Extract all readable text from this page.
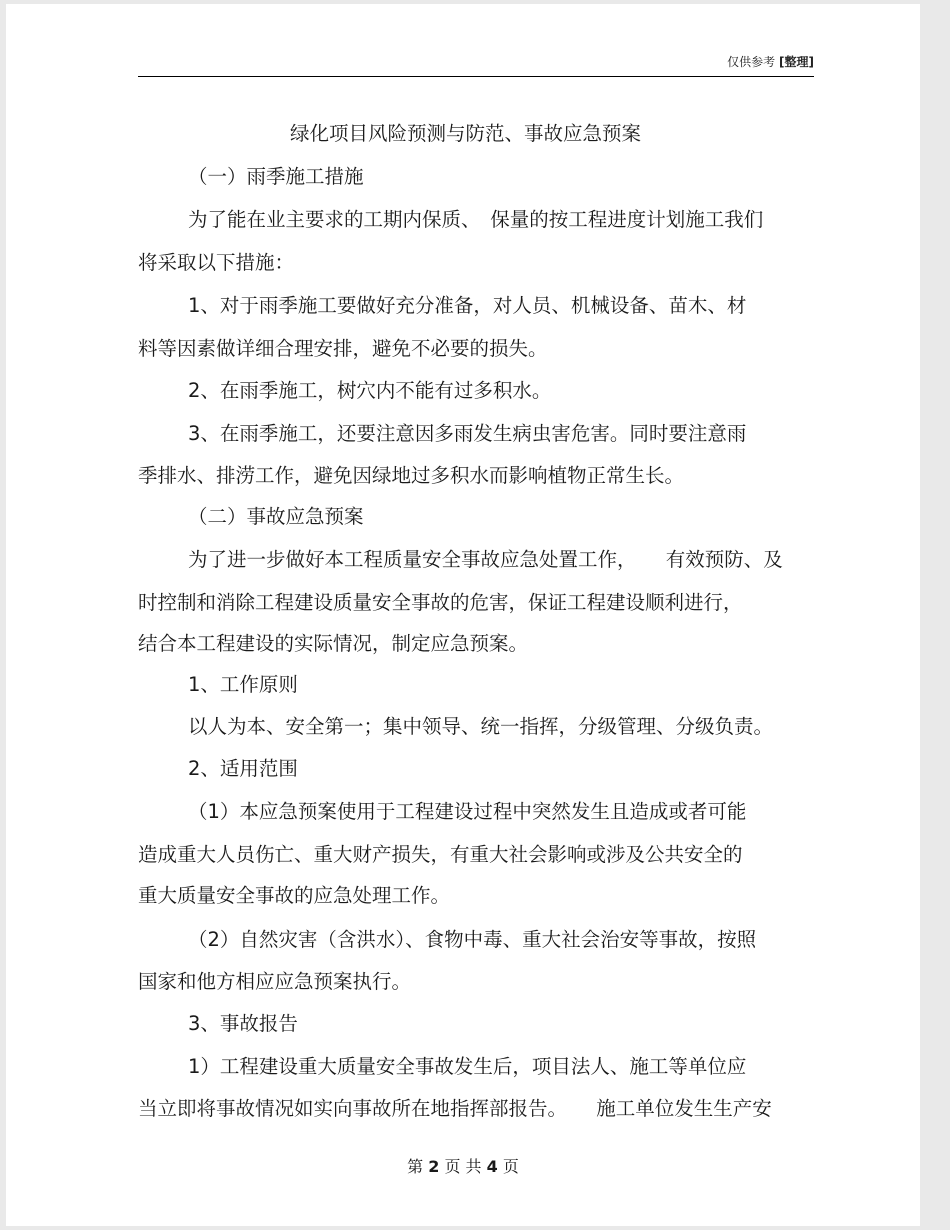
仅供参考 [整理]
绿化项目风险预测与防范、事故应急预案
（一）雨季施工措施
为了能在业主要求的工期内保质、　保量的按工程进度计划施工我们
将采取以下措施：
1、对于雨季施工要做好充分准备，对人员、机械设备、苗木、材
料等因素做详细合理安排，避免不必要的损失。
2、在雨季施工，树穴内不能有过多积水。
3、在雨季施工，还要注意因多雨发生病虫害危害。同时要注意雨
季排水、排涝工作，避免因绿地过多积水而影响植物正常生长。
（二）事故应急预案
为了进一步做好本工程质量安全事故应急处置工作，　　有效预防、及
时控制和消除工程建设质量安全事故的危害，保证工程建设顺利进行，
结合本工程建设的实际情况，制定应急预案。
1、工作原则
以人为本、安全第一；集中领导、统一指挥，分级管理、分级负责。
2、适用范围
（1）本应急预案使用于工程建设过程中突然发生且造成或者可能
造成重大人员伤亡、重大财产损失，有重大社会影响或涉及公共安全的
重大质量安全事故的应急处理工作。
（2）自然灾害（含洪水）、食物中毒、重大社会治安等事故，按照
国家和他方相应应急预案执行。
3、事故报告
1）工程建设重大质量安全事故发生后，项目法人、施工等单位应
当立即将事故情况如实向事故所在地指挥部报告。　　施工单位发生生产安
第 2 页 共 4 页
